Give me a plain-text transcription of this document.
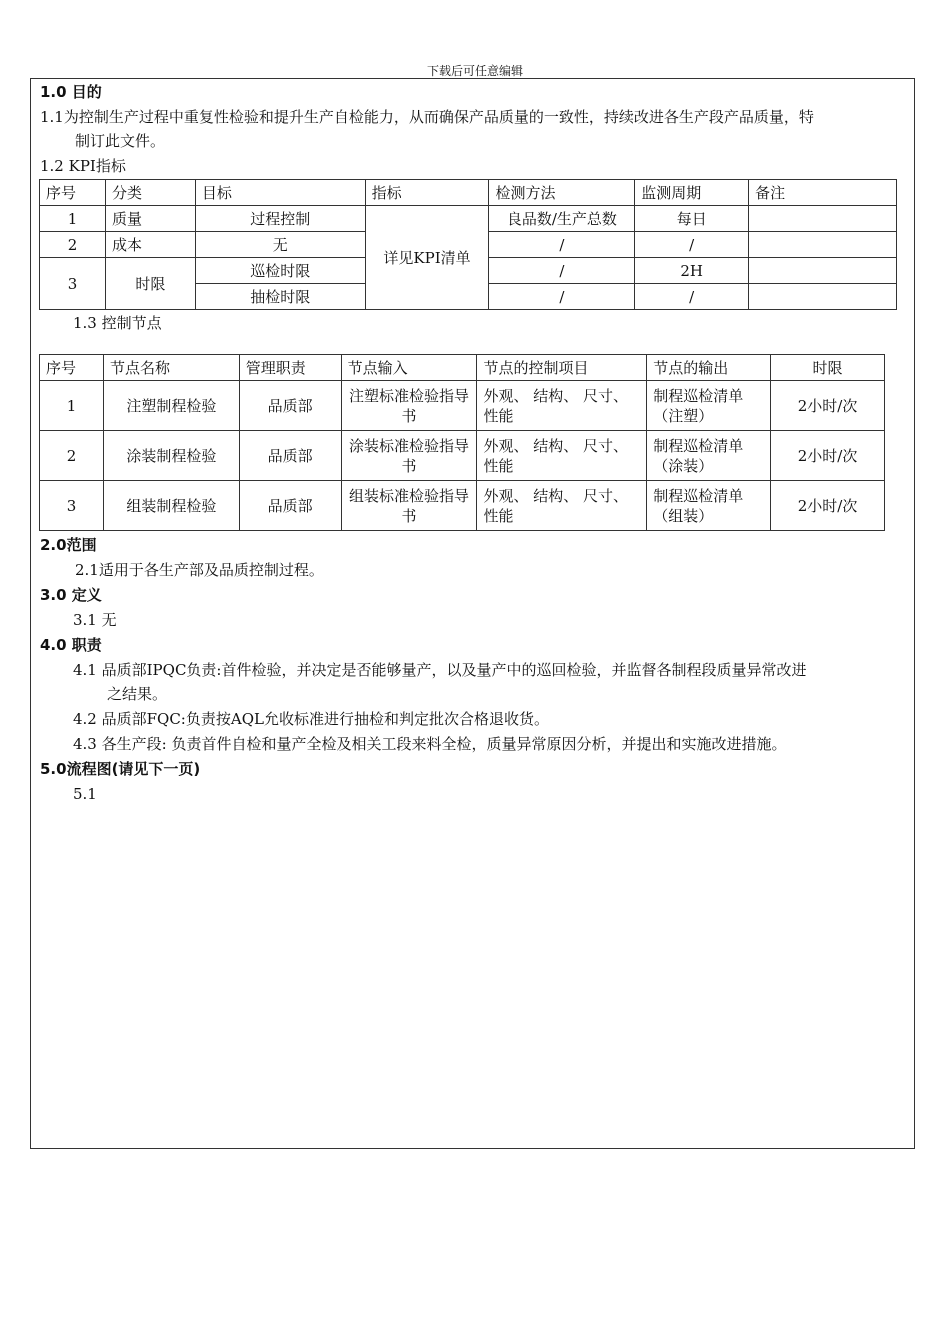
下载后可任意编辑
1.0 目的
1.1为控制生产过程中重复性检验和提升生产自检能力，从而确保产品质量的一致性，持续改进各生产段产品质量，特
制订此文件。
1.2 KPI指标
序号	分类	目标	指标	检测方法	监测周期	备注
1	质量	过程控制	详见KPI清单	良品数/生产总数	每日	
2	成本	无		/	/	
3	时限	巡检时限		/	2H	
		抽检时限		/	/	
1.3 控制节点
序号	节点名称	管理职责	节点输入	节点的控制项目	节点的输出	时限
1	注塑制程检验	品质部	注塑标准检验指导书	外观、 结构、 尺寸、 性能	制程巡检清单（注塑）	2小时/次
2	涂装制程检验	品质部	涂装标准检验指导书	外观、 结构、 尺寸、 性能	制程巡检清单（涂装）	2小时/次
3	组装制程检验	品质部	组装标准检验指导书	外观、 结构、 尺寸、 性能	制程巡检清单（组装）	2小时/次
2.0范围
2.1适用于各生产部及品质控制过程。
3.0 定义
3.1 无
4.0 职责
4.1 品质部IPQC负责:首件检验，并决定是否能够量产，以及量产中的巡回检验，并监督各制程段质量异常改进
之结果。
4.2 品质部FQC:负责按AQL允收标准进行抽检和判定批次合格退收货。
4.3 各生产段: 负责首件自检和量产全检及相关工段来料全检，质量异常原因分析，并提出和实施改进措施。
5.0流程图(请见下一页)
5.1
